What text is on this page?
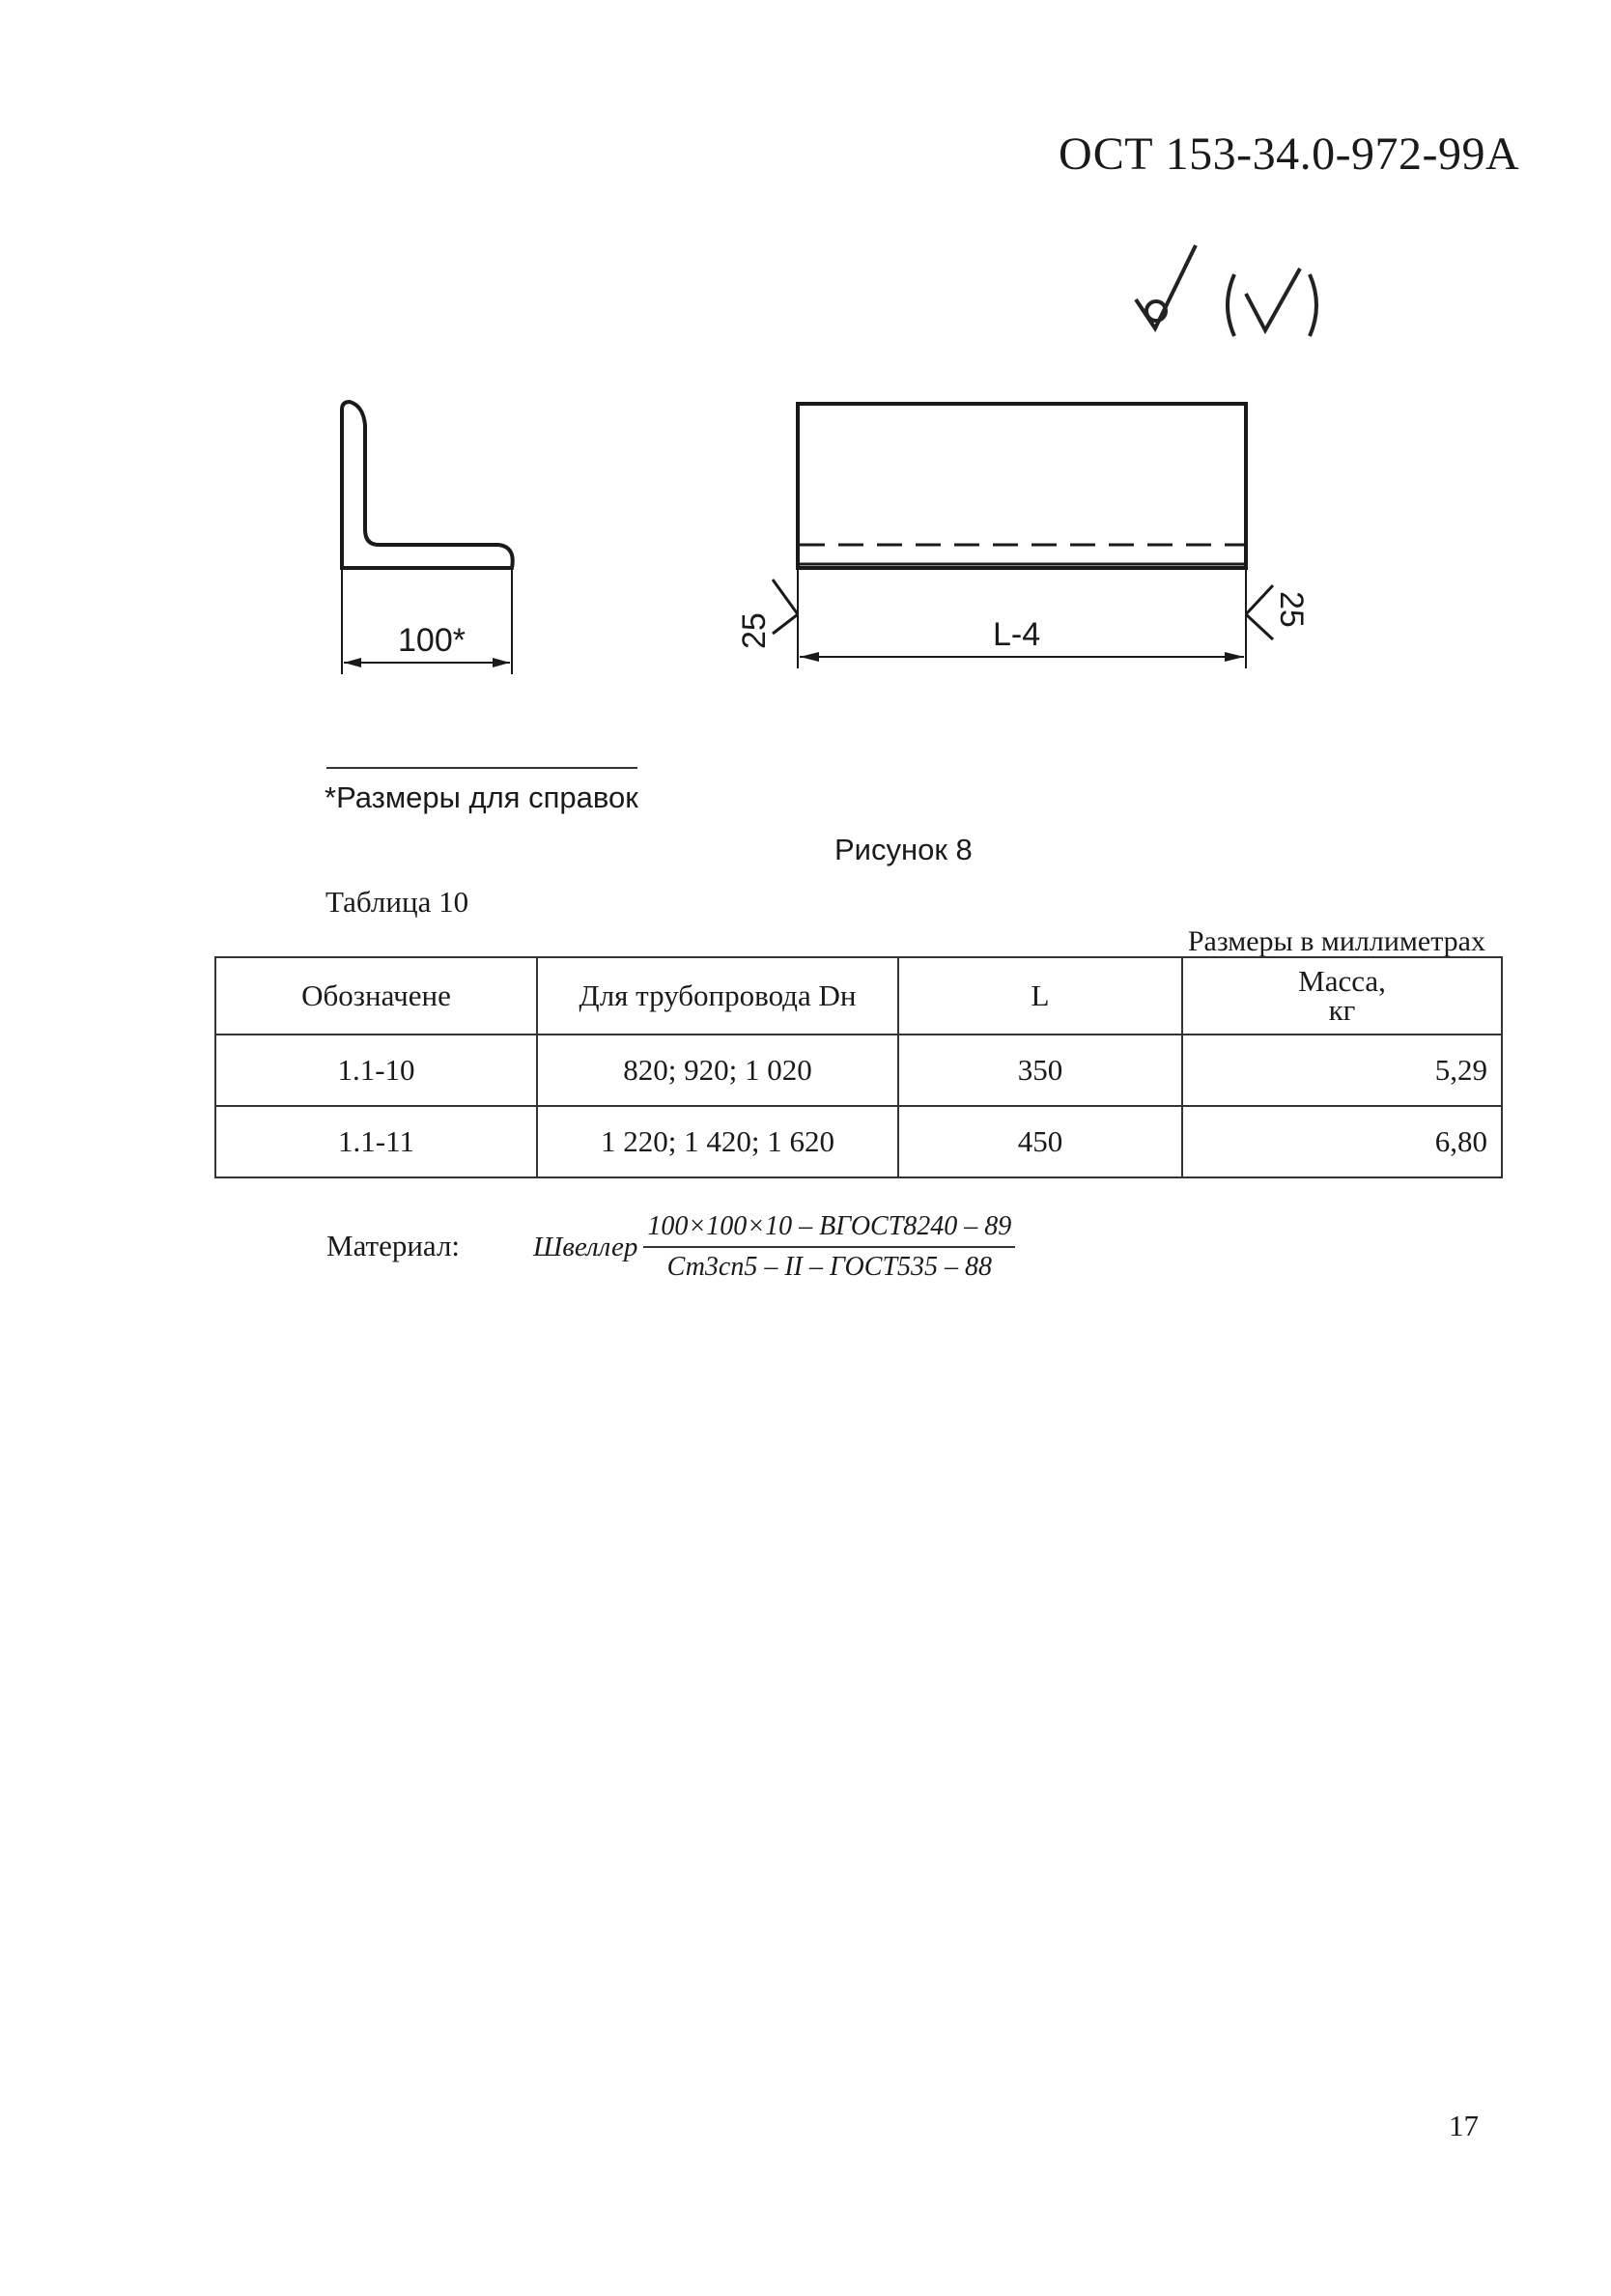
ОСТ 153-34.0-972-99А
100*	L-4
25
25
*Размеры для справок
Рисунок 8
Таблица 10
Размеры в миллиметрах
Обозначене	Для трубопровода Dн	L	Масса,
кг

1.1-10	820; 920; 1 020	350	5,29
1.1-11	1 220; 1 420; 1 620	450	6,80
Материал:	Швеллер $\frac{\text{100×100×10 – ВГОСТ8240 – 89}}{\text{Ст3сп5 – II – ГОСТ535 – 88}}$
17
